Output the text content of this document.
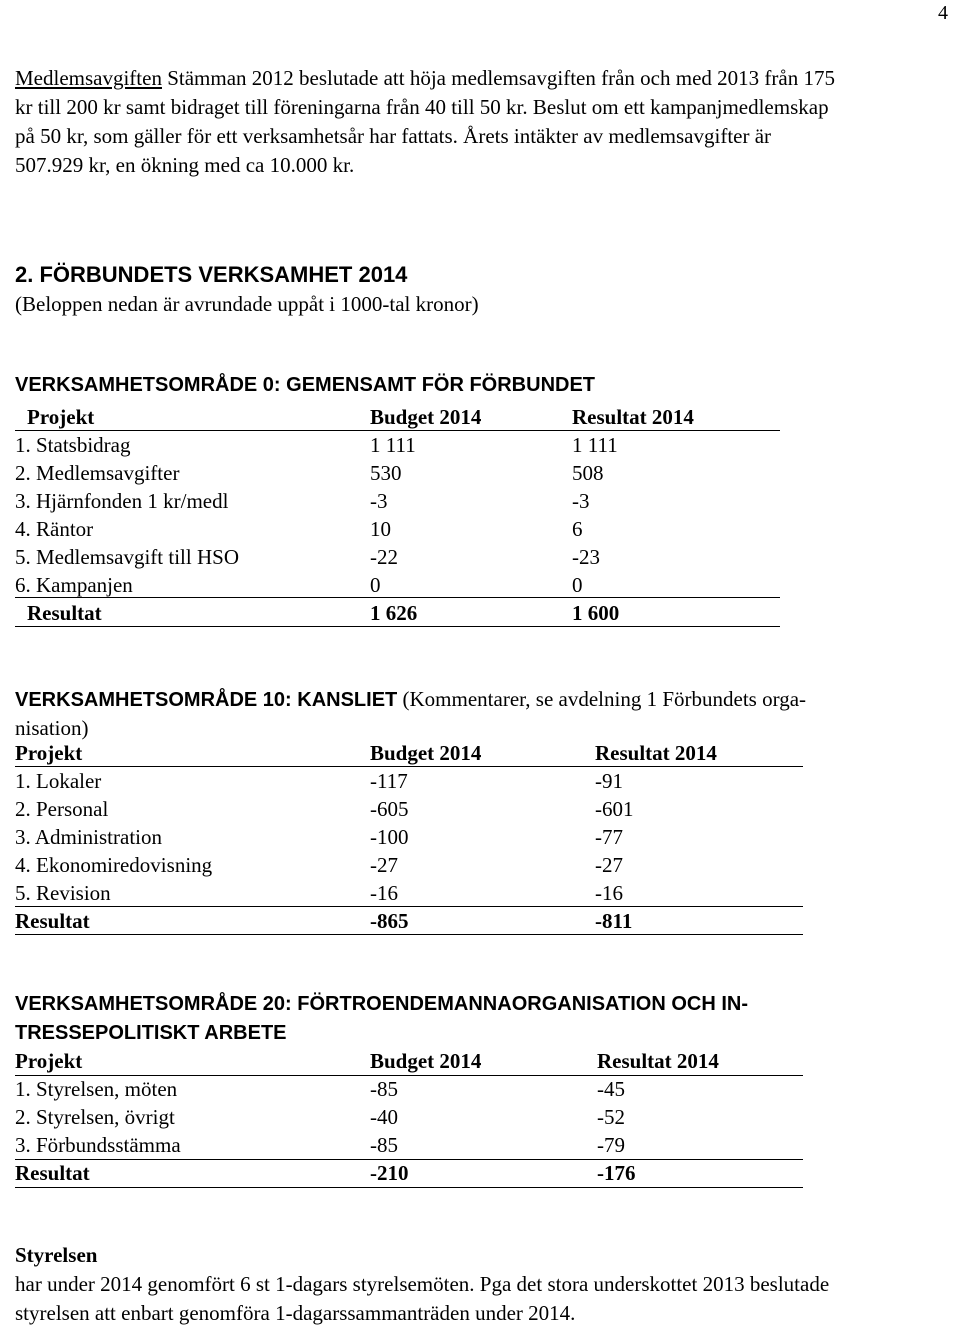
4
Medlemsavgiften Stämman 2012 beslutade att höja medlemsavgiften från och med 2013 från 175
kr till 200 kr samt bidraget till föreningarna från 40 till 50 kr. Beslut om ett kampanjmedlemskap
på 50 kr, som gäller för ett verksamhetsår har fattats. Årets intäkter av medlemsavgifter är
507.929 kr, en ökning med ca 10.000 kr.
2. FÖRBUNDETS VERKSAMHET 2014
(Beloppen nedan är avrundade uppåt i 1000-tal kronor)
VERKSAMHETSOMRÅDE 0: GEMENSAMT FÖR FÖRBUNDET
Projekt	Budget 2014	Resultat 2014
1. Statsbidrag	1 111	1 111
2. Medlemsavgifter	530	508
3. Hjärnfonden 1 kr/medl	-3	-3
4. Räntor	10	6
5. Medlemsavgift till HSO	-22	-23
6. Kampanjen	0	0
Resultat	1 626	1 600
VERKSAMHETSOMRÅDE 10: KANSLIET (Kommentarer, se avdelning 1 Förbundets orga-
nisation)
Projekt	Budget 2014	Resultat 2014
1. Lokaler	-117	-91
2. Personal	-605	-601
3. Administration	-100	-77
4. Ekonomiredovisning	-27	-27
5. Revision	-16	-16
Resultat	-865	-811
VERKSAMHETSOMRÅDE 20: FÖRTROENDEMANNAORGANISATION OCH IN-
TRESSEPOLITISKT ARBETE
Projekt	Budget 2014	Resultat 2014
1. Styrelsen, möten	-85	-45
2. Styrelsen, övrigt	-40	-52
3. Förbundsstämma	-85	-79
Resultat	-210	-176
Styrelsen
har under 2014 genomfört 6 st 1-dagars styrelsemöten. Pga det stora underskottet 2013 beslutade
styrelsen att enbart genomföra 1-dagarssammanträden under 2014.
